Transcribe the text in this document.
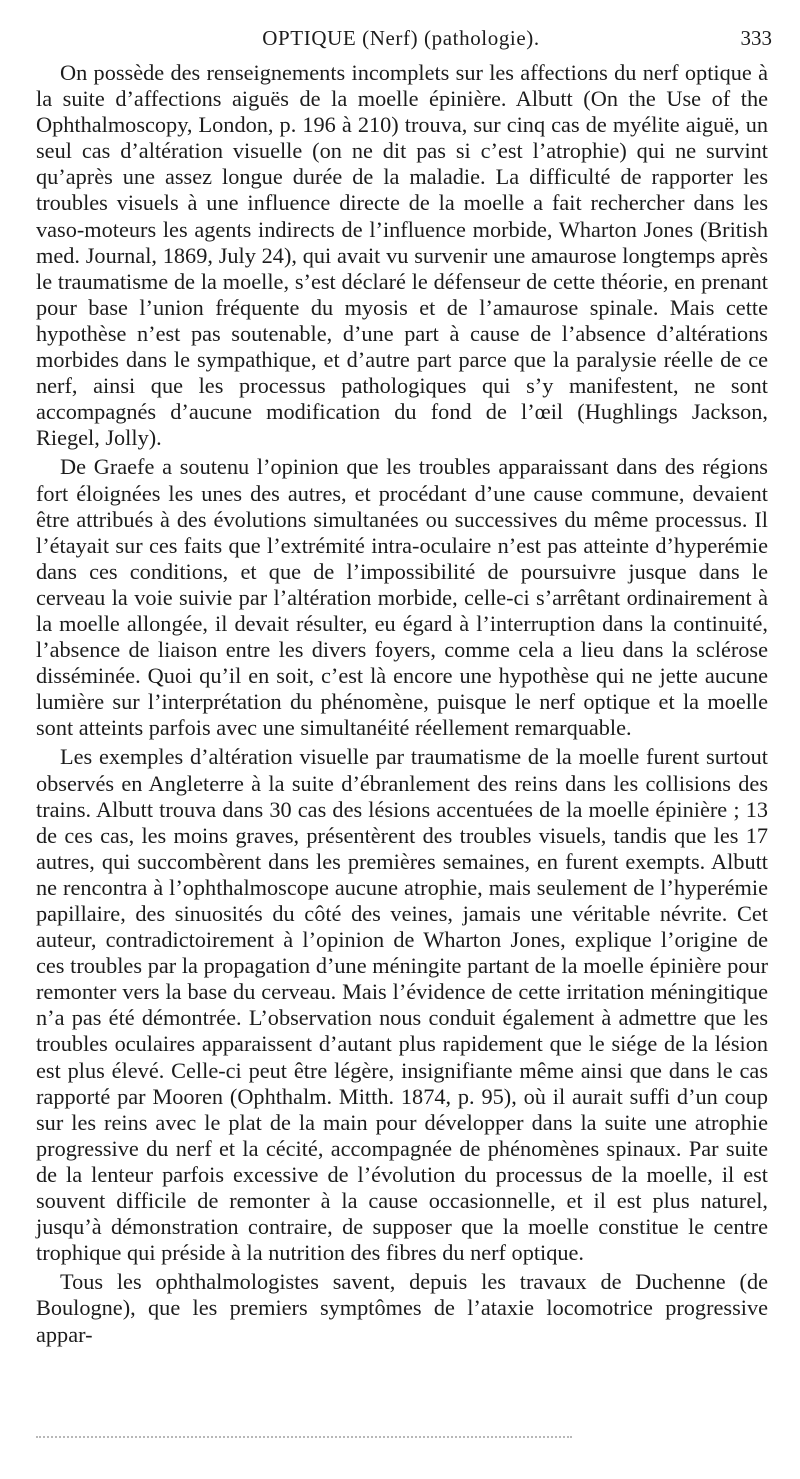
OPTIQUE (Nerf) (pathologie).	333

On possède des renseignements incomplets sur les affections du nerf optique à la suite d’affections aiguës de la moelle épinière. Albutt (On the Use of the Ophthalmoscopy, London, p. 196 à 210) trouva, sur cinq cas de myélite aiguë, un seul cas d’altération visuelle (on ne dit pas si c’est l’atrophie) qui ne survint qu’après une assez longue durée de la maladie. La difficulté de rapporter les troubles visuels à une influence directe de la moelle a fait rechercher dans les vaso-moteurs les agents indirects de l’influence morbide, Wharton Jones (British med. Journal, 1869, July 24), qui avait vu survenir une amaurose longtemps après le traumatisme de la moelle, s’est déclaré le défenseur de cette théorie, en prenant pour base l’union fréquente du myosis et de l’amaurose spinale. Mais cette hypothèse n’est pas soutenable, d’une part à cause de l’absence d’altérations morbides dans le sympathique, et d’autre part parce que la paralysie réelle de ce nerf, ainsi que les processus pathologiques qui s’y manifestent, ne sont accompagnés d’aucune modification du fond de l’œil (Hughlings Jackson, Riegel, Jolly).

De Graefe a soutenu l’opinion que les troubles apparaissant dans des régions fort éloignées les unes des autres, et procédant d’une cause commune, devaient être attribués à des évolutions simultanées ou successives du même processus. Il l’étayait sur ces faits que l’extrémité intra-oculaire n’est pas atteinte d’hyperémie dans ces conditions, et que de l’impossibilité de poursuivre jusque dans le cerveau la voie suivie par l’altération morbide, celle-ci s’arrêtant ordinairement à la moelle allongée, il devait résulter, eu égard à l’interruption dans la continuité, l’absence de liaison entre les divers foyers, comme cela a lieu dans la sclérose disséminée. Quoi qu’il en soit, c’est là encore une hypothèse qui ne jette aucune lumière sur l’interprétation du phénomène, puisque le nerf optique et la moelle sont atteints parfois avec une simultanéité réellement remarquable.

Les exemples d’altération visuelle par traumatisme de la moelle furent surtout observés en Angleterre à la suite d’ébranlement des reins dans les collisions des trains. Albutt trouva dans 30 cas des lésions accentuées de la moelle épinière ; 13 de ces cas, les moins graves, présentèrent des troubles visuels, tandis que les 17 autres, qui succombèrent dans les premières semaines, en furent exempts. Albutt ne rencontra à l’ophthalmoscope aucune atrophie, mais seulement de l’hyperémie papillaire, des sinuosités du côté des veines, jamais une véritable névrite. Cet auteur, contradictoirement à l’opinion de Wharton Jones, explique l’origine de ces troubles par la propagation d’une méningite partant de la moelle épinière pour remonter vers la base du cerveau. Mais l’évidence de cette irritation méningitique n’a pas été démontrée. L’observation nous conduit également à admettre que les troubles oculaires apparaissent d’autant plus rapidement que le siége de la lésion est plus élevé. Celle-ci peut être légère, insignifiante même ainsi que dans le cas rapporté par Mooren (Ophthalm. Mitth. 1874, p. 95), où il aurait suffi d’un coup sur les reins avec le plat de la main pour développer dans la suite une atrophie progressive du nerf et la cécité, accompagnée de phénomènes spinaux. Par suite de la lenteur parfois excessive de l’évolution du processus de la moelle, il est souvent difficile de remonter à la cause occasionnelle, et il est plus naturel, jusqu’à démonstration contraire, de supposer que la moelle constitue le centre trophique qui préside à la nutrition des fibres du nerf optique.

Tous les ophthalmologistes savent, depuis les travaux de Duchenne (de Boulogne), que les premiers symptômes de l’ataxie locomotrice progressive appar-
